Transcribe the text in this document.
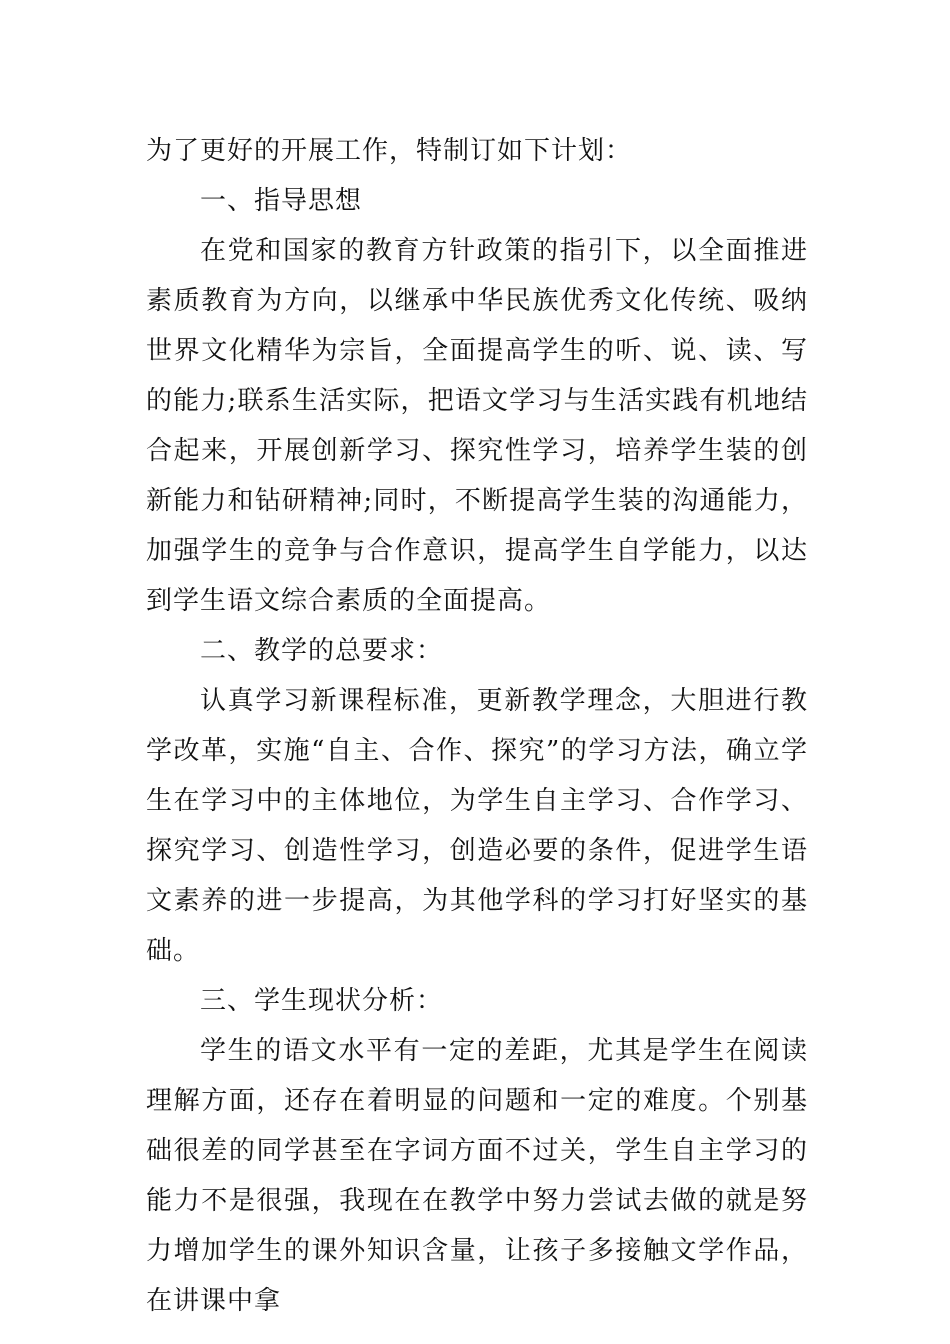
为了更好的开展工作，特制订如下计划：

一、指导思想

在党和国家的教育方针政策的指引下，以全面推进素质教育为方向，以继承中华民族优秀文化传统、吸纳世界文化精华为宗旨，全面提高学生的听、说、读、写的能力;联系生活实际，把语文学习与生活实践有机地结合起来，开展创新学习、探究性学习，培养学生装的创新能力和钻研精神;同时，不断提高学生装的沟通能力，加强学生的竞争与合作意识，提高学生自学能力，以达到学生语文综合素质的全面提高。

二、教学的总要求：

认真学习新课程标准，更新教学理念，大胆进行教学改革，实施“自主、合作、探究”的学习方法，确立学生在学习中的主体地位，为学生自主学习、合作学习、探究学习、创造性学习，创造必要的条件，促进学生语文素养的进一步提高，为其他学科的学习打好坚实的基础。

三、学生现状分析：

学生的语文水平有一定的差距，尤其是学生在阅读理解方面，还存在着明显的问题和一定的难度。个别基础很差的同学甚至在字词方面不过关，学生自主学习的能力不是很强，我现在在教学中努力尝试去做的就是努力增加学生的课外知识含量，让孩子多接触文学作品，在讲课中拿
